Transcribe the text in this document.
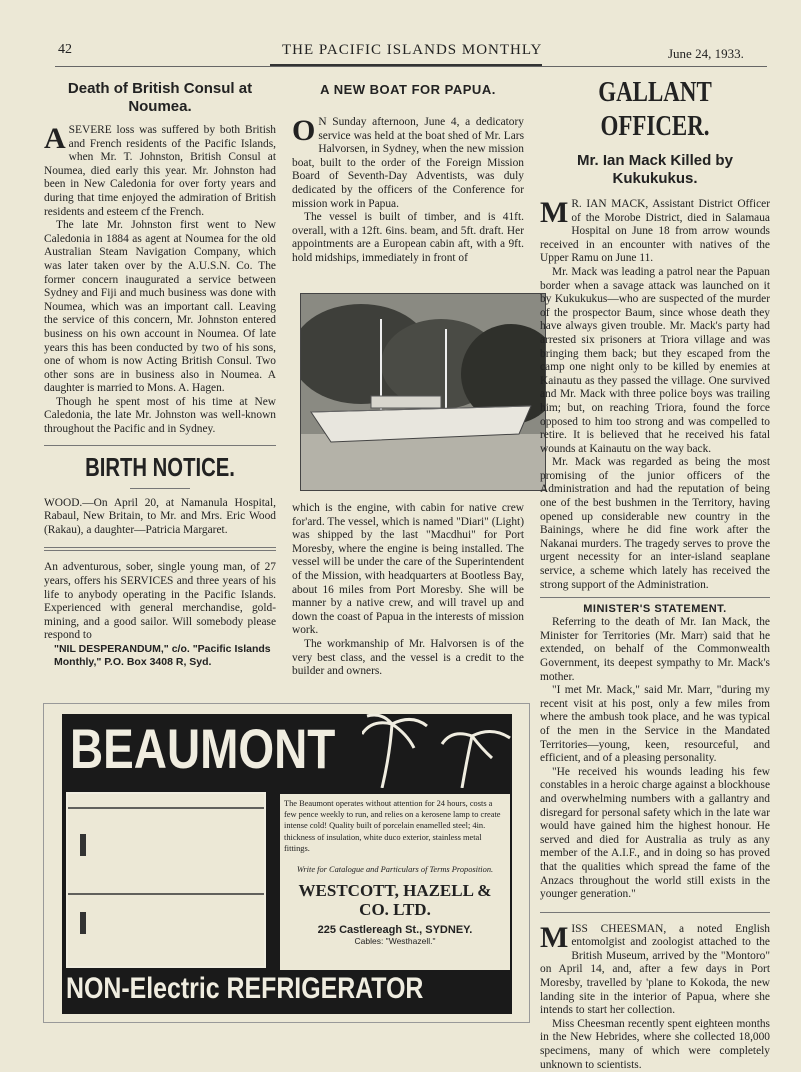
42	THE PACIFIC ISLANDS MONTHLY	June 24, 1933.
Death of British Consul at Noumea.

ASEVERE loss was suffered by both British and French residents of the Pacific Islands, when Mr. T. Johnston, British Consul at Noumea, died early this year. Mr. Johnston had been in New Caledonia for over forty years and during that time enjoyed the admiration of British residents and esteem cf the French.

The late Mr. Johnston first went to New Caledonia in 1884 as agent at Noumea for the old Australian Steam Navigation Company, which was later taken over by the A.U.S.N. Co. The former concern inaugurated a service between Sydney and Fiji and much business was done with Noumea, which was an important call. Leaving the service of this concern, Mr. Johnston entered business on his own account in Noumea. Of late years this has been conducted by two of his sons, one of whom is now Acting British Consul. Two other sons are in business also in Noumea. A daughter is married to Mons. A. Hagen.

Though he spent most of his time at New Caledonia, the late Mr. Johnston was well-known throughout the Pacific and in Sydney.

BIRTH NOTICE.

WOOD.—On April 20, at Namanula Hospital, Rabaul, New Britain, to Mr. and Mrs. Eric Wood (Rakau), a daughter—Patricia Margaret.

An adventurous, sober, single young man, of 27 years, offers his SERVICES and three years of his life to anybody operating in the Pacific Islands. Experienced with general merchandise, gold-mining, and a good sailor. Will somebody please respond to

"NIL DESPERANDUM," c/o. "Pacific Islands Monthly," P.O. Box 3408 R, Syd.

A NEW BOAT FOR PAPUA.

O N Sunday afternoon, June 4, a dedicatory service was held at the boat shed of Mr. Lars Halvorsen, in Sydney, when the new mission boat, built to the order of the Foreign Mission Board of Seventh-Day Adventists, was duly dedicated by the officers of the Conference for mission work in Papua.

The vessel is built of timber, and is 41ft. overall, with a 12ft. 6ins. beam, and 5ft. draft. Her appointments are a European cabin aft, with a 9ft. hold midships, immediately in front of

which is the engine, with cabin for native crew for'ard. The vessel, which is named "Diari" (Light) was shipped by the last "Macdhui" for Port Moresby, where the engine is being installed. The vessel will be under the care of the Superintendent of the Mission, with headquarters at Bootless Bay, about 16 miles from Port Moresby. She will be manner by a native crew, and will travel up and down the coast of Papua in the interests of mission work.

The workmanship of Mr. Halvorsen is of the very best class, and the vessel is a credit to the builder and owners.

GALLANT OFFICER.
Mr. Ian Mack Killed by Kukukukus.

M R. IAN MACK, Assistant District Officer of the Morobe District, died in Salamaua Hospital on June 18 from arrow wounds received in an encounter with natives of the Upper Ramu on June 11.

Mr. Mack was leading a patrol near the Papuan border when a savage attack was launched on it by Kukukukus—who are suspected of the murder of the prospector Baum, since whose death they have always given trouble. Mr. Mack's party had arrested six prisoners at Triora village and was bringing them back; but they escaped from the camp one night only to be killed by enemies at Kainautu as they passed the village. One survived and Mr. Mack with three police boys was trailing him; but, on reaching Triora, found the force opposed to him too strong and was compelled to retire. It is believed that he received his fatal wounds at Kainautu on the way back.

Mr. Mack was regarded as being the most promising of the junior officers of the Administration and had the reputation of being one of the best bushmen in the Territory, having opened up considerable new country in the Bainings, where he did fine work after the Nakanai murders. The tragedy serves to prove the urgent necessity for an inter-island seaplane service, a scheme which lately has received the strong support of the Administration.

MINISTER'S STATEMENT.

Referring to the death of Mr. Ian Mack, the Minister for Territories (Mr. Marr) said that he extended, on behalf of the Commonwealth Government, its deepest sympathy to Mr. Mack's mother.

"I met Mr. Mack," said Mr. Marr, "during my recent visit at his post, only a few miles from where the ambush took place, and he was typical of the men in the Service in the Mandated Territories—young, keen, resourceful, and efficient, and of a pleasing personality.

"He received his wounds leading his few constables in a heroic charge against a blockhouse and overwhelming numbers with a gallantry and disregard for personal safety which in the late war would have gained him the highest honour. He served and died for Australia as truly as any member of the A.I.F., and in doing so has proved that the qualities which spread the fame of the Anzacs throughout the world still exists in the younger generation."

MISS CHEESMAN, a noted English entomolgist and zoologist attached to the British Museum, arrived by the "Montoro" on April 14, and, after a few days in Port Moresby, travelled by 'plane to Kokoda, the new landing site in the interior of Papua, where she intends to start her collection.

Miss Cheesman recently spent eighteen months in the New Hebrides, where she collected 18,000 specimens, many of which were completely unknown to scientists.

BEAUMONT
The Beaumont operates without attention for 24 hours, costs a few pence weekly to run, and relies on a kerosene lamp to create intense cold! Quality built of porcelain enamelled steel; 4in. thickness of insulation, white duco exterior, stainless metal fittings.
Write for Catalogue and Particulars of Terms Proposition.
WESTCOTT, HAZELL & CO. LTD.
225 Castlereagh St., SYDNEY.
Cables: "Westhazell."
NON-Electric REFRIGERATOR
